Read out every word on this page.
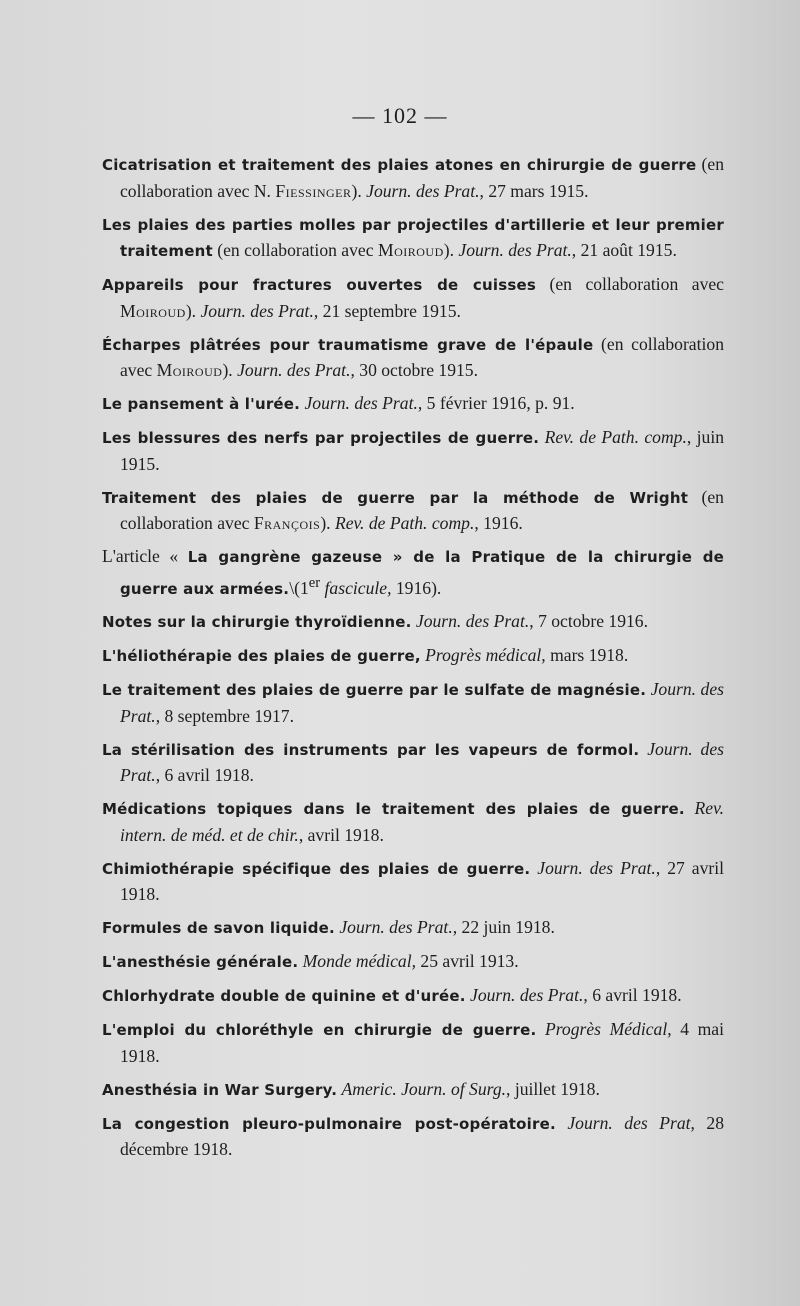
— 102 —

Cicatrisation et traitement des plaies atones en chirurgie de guerre (en collaboration avec N. Fiessinger). Journ. des Prat., 27 mars 1915.

Les plaies des parties molles par projectiles d'artillerie et leur premier traitement (en collaboration avec Moiroud). Journ. des Prat., 21 août 1915.

Appareils pour fractures ouvertes de cuisses (en collaboration avec Moiroud). Journ. des Prat., 21 septembre 1915.

Écharpes plâtrées pour traumatisme grave de l'épaule (en collaboration avec Moiroud). Journ. des Prat., 30 octobre 1915.

Le pansement à l'urée. Journ. des Prat., 5 février 1916, p. 91.

Les blessures des nerfs par projectiles de guerre. Rev. de Path. comp., juin 1915.

Traitement des plaies de guerre par la méthode de Wright (en collaboration avec François). Rev. de Path. comp., 1916.

L'article « La gangrène gazeuse » de la Pratique de la chirurgie de guerre aux armées.\(1er fascicule, 1916).

Notes sur la chirurgie thyroïdienne. Journ. des Prat., 7 octobre 1916.

L'héliothérapie des plaies de guerre, Progrès médical, mars 1918.

Le traitement des plaies de guerre par le sulfate de magnésie. Journ. des Prat., 8 septembre 1917.

La stérilisation des instruments par les vapeurs de formol. Journ. des Prat., 6 avril 1918.

Médications topiques dans le traitement des plaies de guerre. Rev. intern. de méd. et de chir., avril 1918.

Chimiothérapie spécifique des plaies de guerre. Journ. des Prat., 27 avril 1918.

Formules de savon liquide. Journ. des Prat., 22 juin 1918.

L'anesthésie générale. Monde médical, 25 avril 1913.

Chlorhydrate double de quinine et d'urée. Journ. des Prat., 6 avril 1918.

L'emploi du chloréthyle en chirurgie de guerre. Progrès Médical, 4 mai 1918.

Anesthésia in War Surgery. Americ. Journ. of Surg., juillet 1918.

La congestion pleuro-pulmonaire post-opératoire. Journ. des Prat, 28 décembre 1918.
